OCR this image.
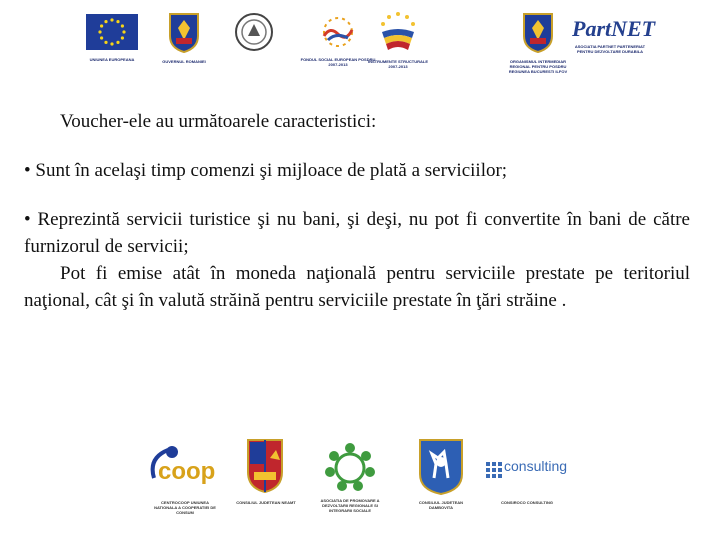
UNIUNEA EUROPEANA	GUVERNUL ROMANIEI	FONDUL SOCIAL EUROPEAN POSDRU 2007-2013
INSTRUMENTE STRUCTURALE 2007-2013
ORGANISMUL INTERMEDIAR REGIONAL PENTRU POSDRU REGIUNEA BUCURESTI ILFOV
PartNET
ASOCIATIA PARTNET PARTENERIAT PENTRU DEZVOLTARE DURABILA

Voucher-ele au următoarele caracteristici:

• Sunt în acelaşi timp comenzi şi mijloace de plată a serviciilor;

• Reprezintă servicii turistice şi nu bani, şi deşi, nu pot fi convertite în bani de către furnizorul de servicii;

Pot fi emise atât în moneda naţională pentru serviciile prestate pe teritoriul naţional, cât şi în valută străină pentru serviciile prestate în ţări străine .

coop
CENTROCOOP UNIUNEA NATIONALA A COOPERATIEI DE CONSUM
CONSILIUL JUDETEAN NEAMT	ASOCIATIA DE PROMOVARE A DEZVOLTARII REGIONALE SI INTEGRARII SOCIALE
CONSILIUL JUDETEAN DAMBOVITA
consulting
CONSIROCO CONSULTING
